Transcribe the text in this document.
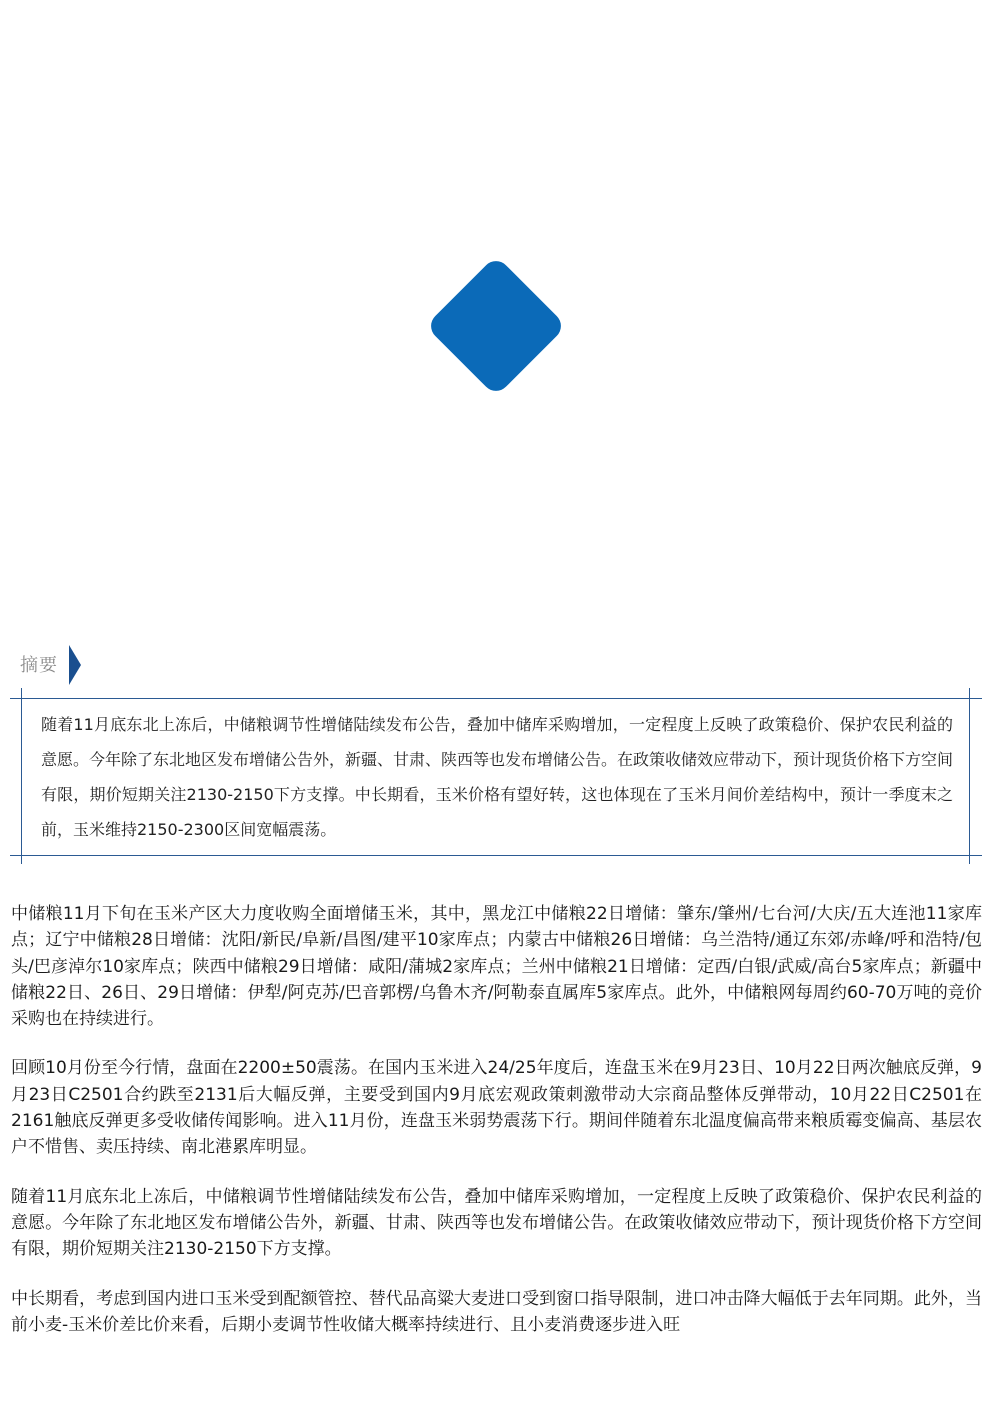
摘要
随着11月底东北上冻后，中储粮调节性增储陆续发布公告，叠加中储库采购增加，一定程度上反映了政策稳价、保护农民利益的意愿。今年除了东北地区发布增储公告外，新疆、甘肃、陕西等也发布增储公告。在政策收储效应带动下，预计现货价格下方空间有限，期价短期关注2130-2150下方支撑。中长期看，玉米价格有望好转，这也体现在了玉米月间价差结构中，预计一季度末之前，玉米维持2150-2300区间宽幅震荡。

中储粮11月下旬在玉米产区大力度收购全面增储玉米，其中，黑龙江中储粮22日增储：肇东/肇州/七台河/大庆/五大连池11家库点；辽宁中储粮28日增储：沈阳/新民/阜新/昌图/建平10家库点；内蒙古中储粮26日增储：乌兰浩特/通辽东郊/赤峰/呼和浩特/包头/巴彦淖尔10家库点；陕西中储粮29日增储：咸阳/蒲城2家库点；兰州中储粮21日增储：定西/白银/武威/高台5家库点；新疆中储粮22日、26日、29日增储：伊犁/阿克苏/巴音郭楞/乌鲁木齐/阿勒泰直属库5家库点。此外，中储粮网每周约60-70万吨的竞价采购也在持续进行。

回顾10月份至今行情，盘面在2200±50震荡。在国内玉米进入24/25年度后，连盘玉米在9月23日、10月22日两次触底反弹，9月23日C2501合约跌至2131后大幅反弹，主要受到国内9月底宏观政策刺激带动大宗商品整体反弹带动，10月22日C2501在2161触底反弹更多受收储传闻影响。进入11月份，连盘玉米弱势震荡下行。期间伴随着东北温度偏高带来粮质霉变偏高、基层农户不惜售、卖压持续、南北港累库明显。

随着11月底东北上冻后，中储粮调节性增储陆续发布公告，叠加中储库采购增加，一定程度上反映了政策稳价、保护农民利益的意愿。今年除了东北地区发布增储公告外，新疆、甘肃、陕西等也发布增储公告。在政策收储效应带动下，预计现货价格下方空间有限，期价短期关注2130-2150下方支撑。

中长期看，考虑到国内进口玉米受到配额管控、替代品高粱大麦进口受到窗口指导限制，进口冲击降大幅低于去年同期。此外，当前小麦-玉米价差比价来看，后期小麦调节性收储大概率持续进行、且小麦消费逐步进入旺
